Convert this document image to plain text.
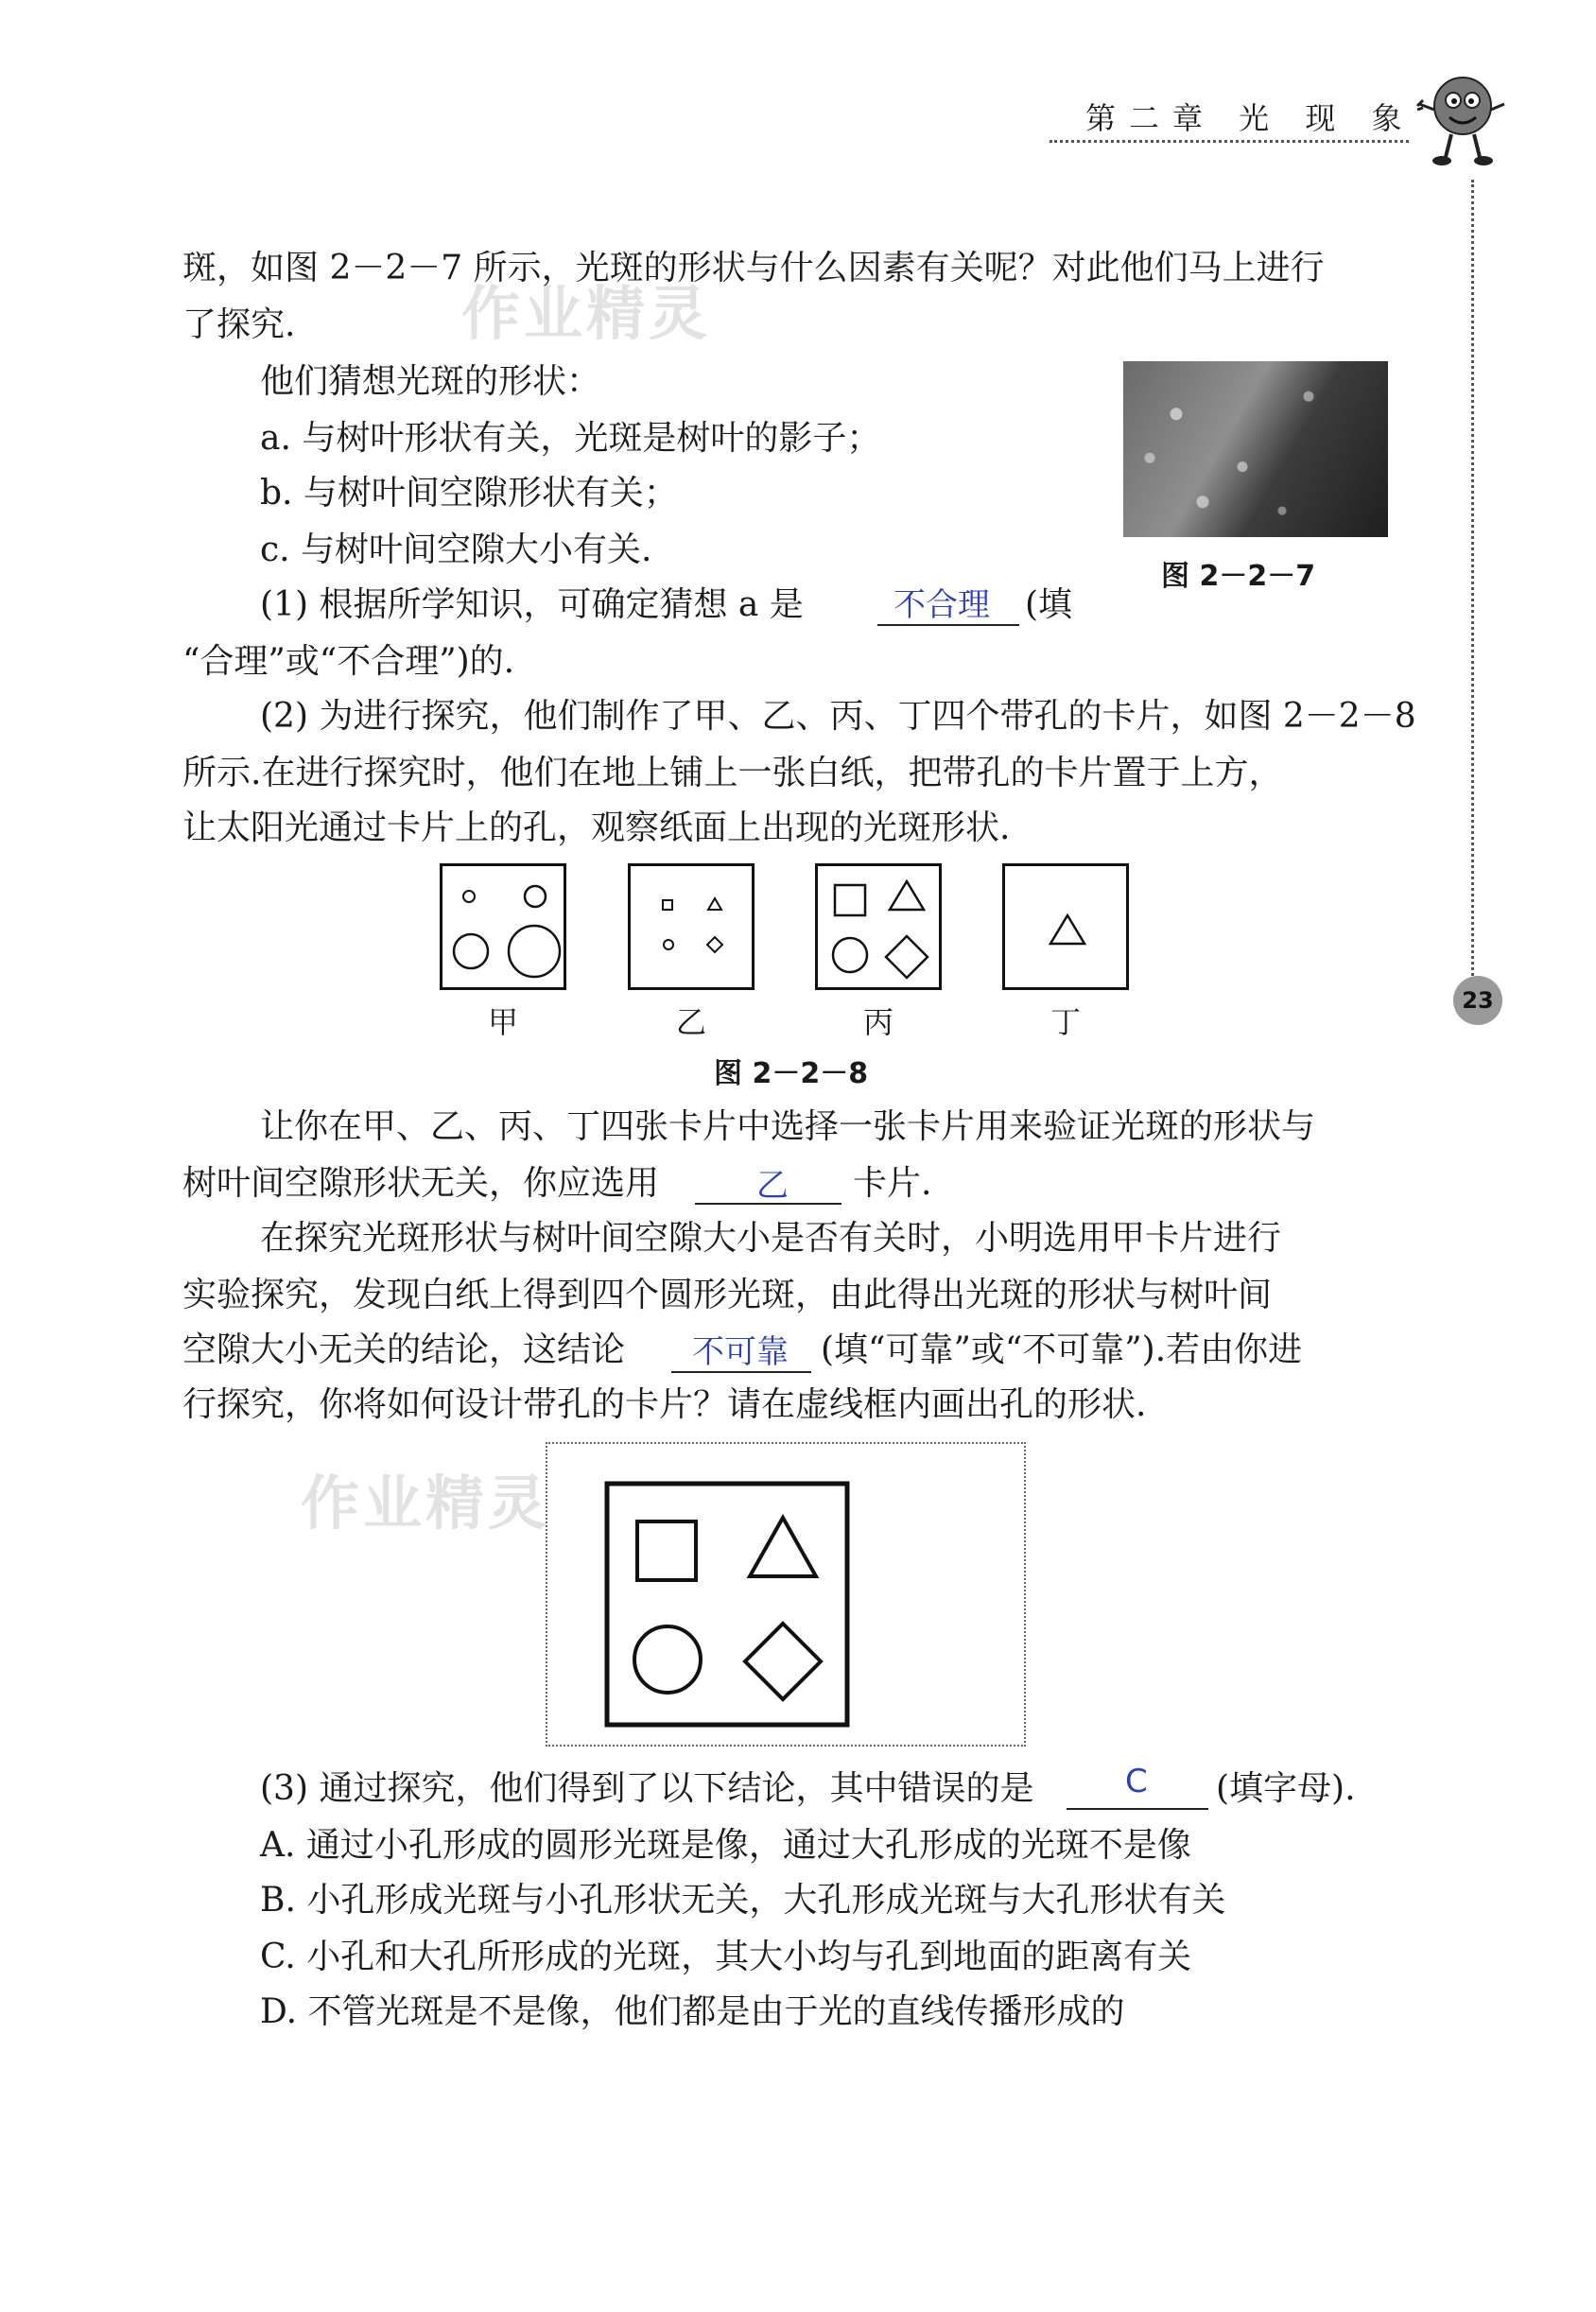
第二章 光 现 象
23
作业精灵
作业精灵
斑，如图 2－2－7 所示，光斑的形状与什么因素有关呢？对此他们马上进行
了探究.
他们猜想光斑的形状：
a. 与树叶形状有关，光斑是树叶的影子；
b. 与树叶间空隙形状有关；
c. 与树叶间空隙大小有关.
图 2－2－7
(1) 根据所学知识，可确定猜想 a 是	不合理 (填
“合理”或“不合理”)的.
(2) 为进行探究，他们制作了甲、乙、丙、丁四个带孔的卡片，如图 2－2－8
所示.在进行探究时，他们在地上铺上一张白纸，把带孔的卡片置于上方，
让太阳光通过卡片上的孔，观察纸面上出现的光斑形状.
甲	乙	丙	丁
图 2－2－8
让你在甲、乙、丙、丁四张卡片中选择一张卡片用来验证光斑的形状与
树叶间空隙形状无关，你应选用	乙 卡片.
在探究光斑形状与树叶间空隙大小是否有关时，小明选用甲卡片进行
实验探究，发现白纸上得到四个圆形光斑，由此得出光斑的形状与树叶间
空隙大小无关的结论，这结论 不可靠 (填“可靠”或“不可靠”).若由你进
行探究，你将如何设计带孔的卡片？请在虚线框内画出孔的形状.
(3) 通过探究，他们得到了以下结论，其中错误的是	C (填字母).
A. 通过小孔形成的圆形光斑是像，通过大孔形成的光斑不是像
B. 小孔形成光斑与小孔形状无关，大孔形成光斑与大孔形状有关
C. 小孔和大孔所形成的光斑，其大小均与孔到地面的距离有关
D. 不管光斑是不是像，他们都是由于光的直线传播形成的
